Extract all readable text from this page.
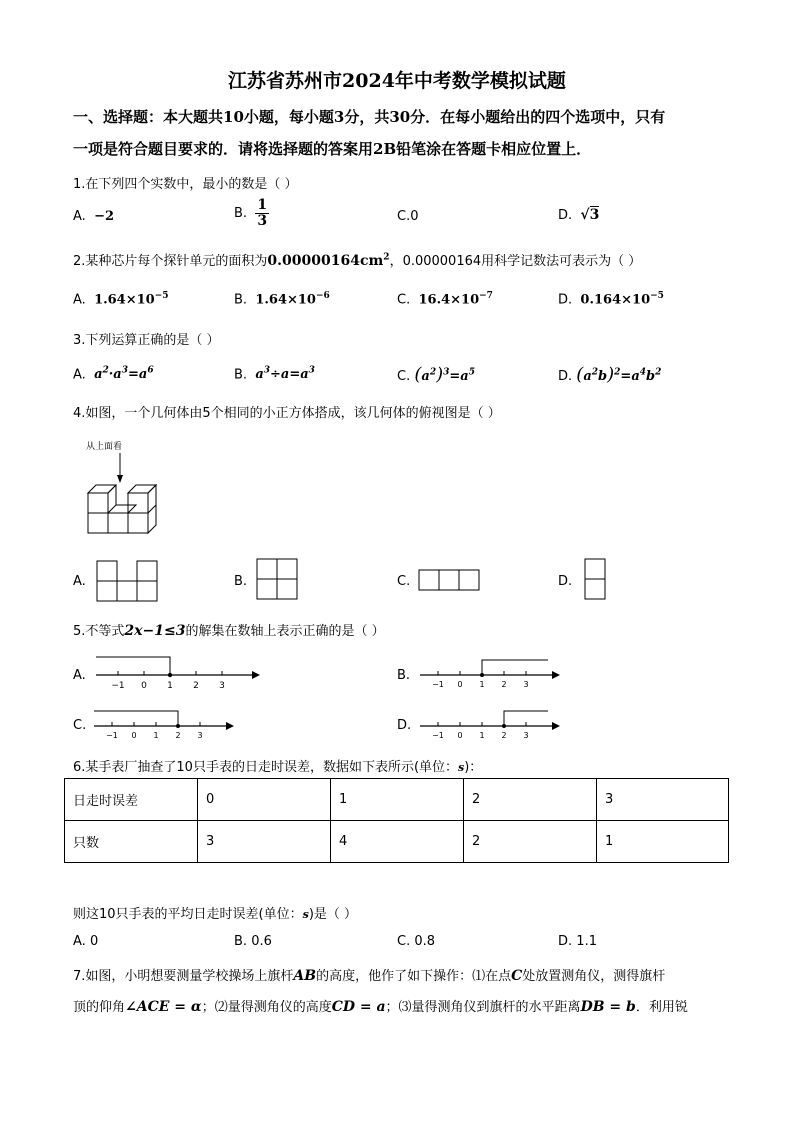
江苏省苏州市2024年中考数学模拟试题
一、选择题：本大题共10小题，每小题3分，共30分．在每小题给出的四个选项中，只有
一项是符合题目要求的．请将选择题的答案用2B铅笔涂在答题卡相应位置上．
1.在下列四个实数中，最小的数是（ ）
A. −2	B. $\frac{1}{3}$	C.0	D. √3
2.某种芯片每个探针单元的面积为$0.00000164cm^2$，0.00000164用科学记数法可表示为（ ）
A. $1.64\times 10^{-5}$	B. $1.64\times 10^{-6}$	C. $16.4\times 10^{-7}$	D. $0.164\times 10^{-5}$
3.下列运算正确的是（ ）
A. $a^2\cdot a^3=a^6$	B. $a^3\div a=a^3$	C. $(a^2)^3=a^5$	D. $(a^2b)^2=a^4b^2$
4.如图，一个几何体由5个相同的小正方体搭成，该几何体的俯视图是（ ）
从上面看
A.	B.	C.	D.
5.不等式2x−1≤3的解集在数轴上表示正确的是（ ）
A.
−1 0 1 2 3
B.
−1 0 1 2 3
C.
−1 0 1 2 3
D.
−1 0 1 2 3
6.某手表厂抽查了10只手表的日走时误差，数据如下表所示(单位：s)：
日走时误差	0	1	2	3
只数	3	4	2	1
则这10只手表的平均日走时误差(单位：s)是（ ）
A. 0	B. 0.6	C. 0.8	D. 1.1
7.如图，小明想要测量学校操场上旗杆AB的高度，他作了如下操作：⑴在点C处放置测角仪，测得旗杆
顶的仰角∠ACE = α；⑵量得测角仪的高度CD = a；⑶量得测角仪到旗杆的水平距离DB = b．利用锐
